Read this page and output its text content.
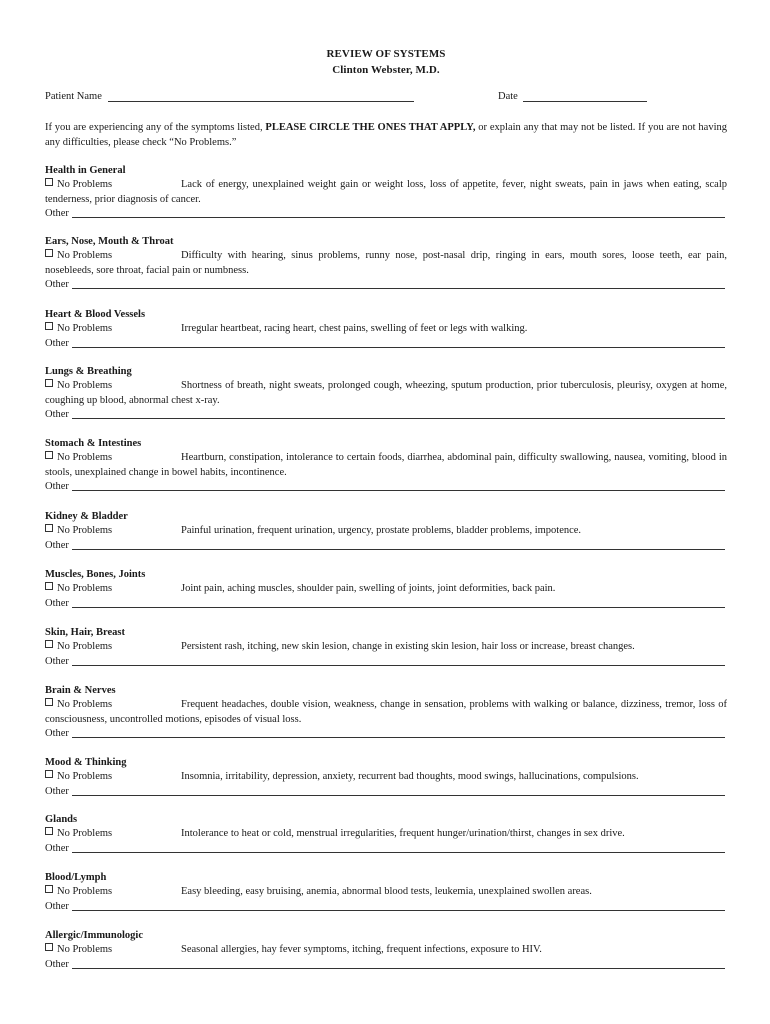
REVIEW OF SYSTEMS
Clinton Webster, M.D.
Patient Name	Date
If you are experiencing any of the symptoms listed, PLEASE CIRCLE THE ONES THAT APPLY, or explain any that may not be listed. If you are not having any difficulties, please check “No Problems.”
Health in General
No Problems	Lack of energy, unexplained weight gain or weight loss, loss of appetite, fever, night sweats, pain in jaws when eating, scalp tenderness, prior diagnosis of cancer.
Other
Ears, Nose, Mouth & Throat
No Problems	Difficulty with hearing, sinus problems, runny nose, post-nasal drip, ringing in ears, mouth sores, loose teeth, ear pain, nosebleeds, sore throat, facial pain or numbness.
Other
Heart & Blood Vessels
No Problems	Irregular heartbeat, racing heart, chest pains, swelling of feet or legs with walking.
Other
Lungs & Breathing
No Problems	Shortness of breath, night sweats, prolonged cough, wheezing, sputum production, prior tuberculosis, pleurisy, oxygen at home, coughing up blood, abnormal chest x-ray.
Other
Stomach & Intestines
No Problems	Heartburn, constipation, intolerance to certain foods, diarrhea, abdominal pain, difficulty swallowing, nausea, vomiting, blood in stools, unexplained change in bowel habits, incontinence.
Other
Kidney & Bladder
No Problems	Painful urination, frequent urination, urgency, prostate problems, bladder problems, impotence.
Other
Muscles, Bones, Joints
No Problems	Joint pain, aching muscles, shoulder pain, swelling of joints, joint deformities, back pain.
Other
Skin, Hair, Breast
No Problems	Persistent rash, itching, new skin lesion, change in existing skin lesion, hair loss or increase, breast changes.
Other
Brain & Nerves
No Problems	Frequent headaches, double vision, weakness, change in sensation, problems with walking or balance, dizziness, tremor, loss of consciousness, uncontrolled motions, episodes of visual loss.
Other
Mood & Thinking
No Problems	Insomnia, irritability, depression, anxiety, recurrent bad thoughts, mood swings, hallucinations, compulsions.
Other
Glands
No Problems	Intolerance to heat or cold, menstrual irregularities, frequent hunger/urination/thirst, changes in sex drive.
Other
Blood/Lymph
No Problems	Easy bleeding, easy bruising, anemia, abnormal blood tests, leukemia, unexplained swollen areas.
Other
Allergic/Immunologic
No Problems	Seasonal allergies, hay fever symptoms, itching, frequent infections, exposure to HIV.
Other
